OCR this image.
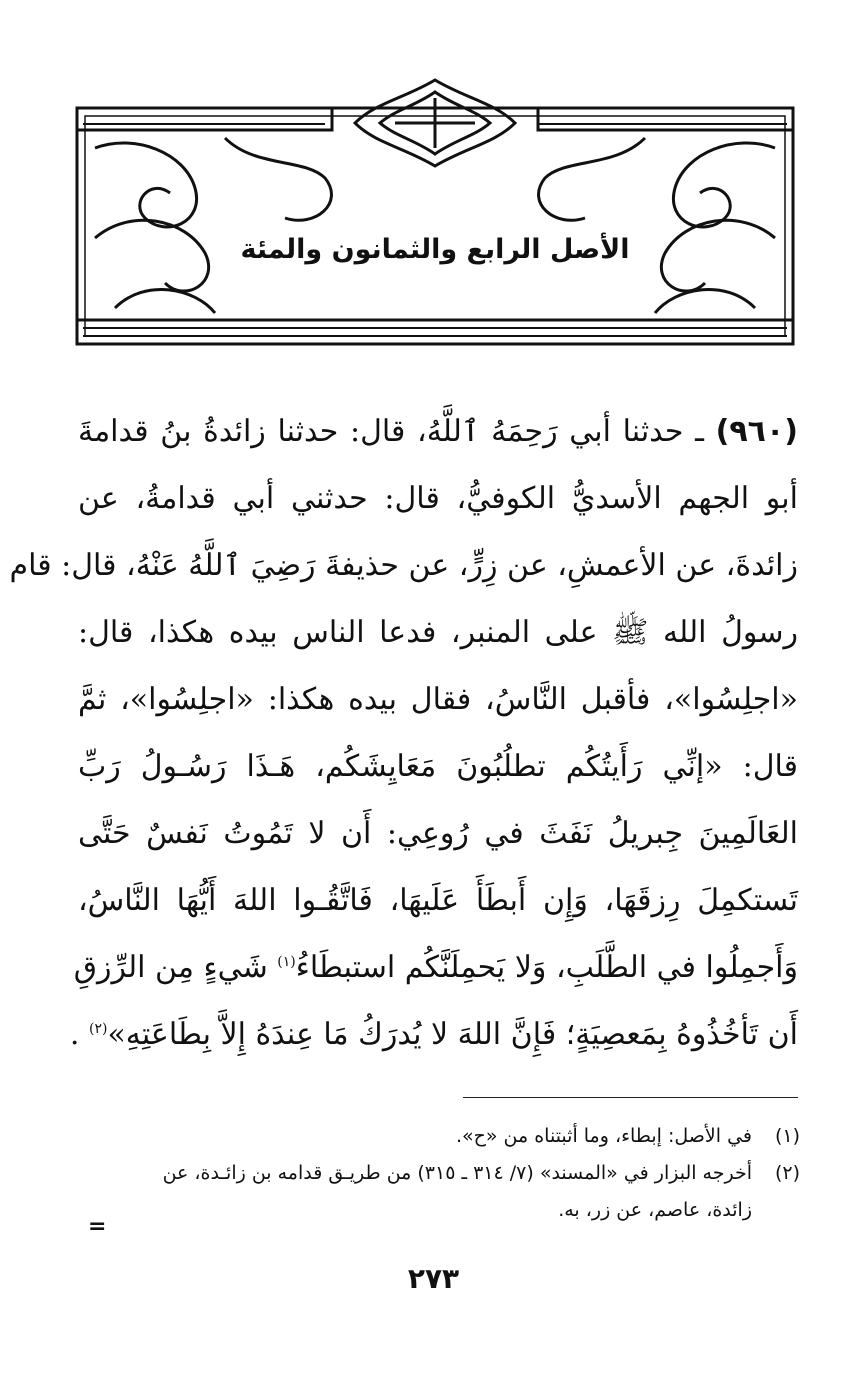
الأصل الرابع والثمانون والمئة
(٩٦٠) ـ حدثنا أبي رَحِمَهُ ٱللَّهُ، قال: حدثنا زائدةُ بنُ قدامةَ
أبو الجهم الأسديُّ الكوفيُّ، قال: حدثني أبي قدامةُ، عن
زائدةَ، عن الأعمشِ، عن زِرٍّ، عن حذيفةَ رَضِيَ ٱللَّهُ عَنْهُ، قال: قام
رسولُ الله ﷺ على المنبر، فدعا الناس بيده هكذا، قال:
«اجلِسُوا»، فأقبل النَّاسُ، فقال بيده هكذا: «اجلِسُوا»، ثمَّ
قال: «إنِّي رَأَيتُكُم تطلُبُونَ مَعَايِشَكُم، هَـذَا رَسُـولُ رَبِّ
العَالَمِينَ جِبريلُ نَفَثَ في رُوعِي: أَن لا تَمُوتُ نَفسٌ حَتَّى
تَستكمِلَ رِزقَهَا، وَإِن أَبطَأَ عَلَيهَا، فَاتَّقُـوا اللهَ أَيُّهَا النَّاسُ،
وَأَجمِلُوا في الطَّلَبِ، وَلا يَحمِلَنَّكُم استبطَاءُ$^{(١)}$ شَيءٍ مِن الرِّزقِ
أَن تَأخُذُوهُ بِمَعصِيَةٍ؛ فَإِنَّ اللهَ لا يُدرَكُ مَا عِندَهُ إِلاَّ بِطَاعَتِهِ»$^{(٢)}$ .
(١)
في الأصل: إبطاء، وما أثبتناه من «ح».
(٢)
أخرجه البزار في «المسند» (٧/ ٣١٤ ـ ٣١٥) من طريـق قدامه بن زائـدة، عن
زائدة، عاصم، عن زر، به.
=
٢٧٣
